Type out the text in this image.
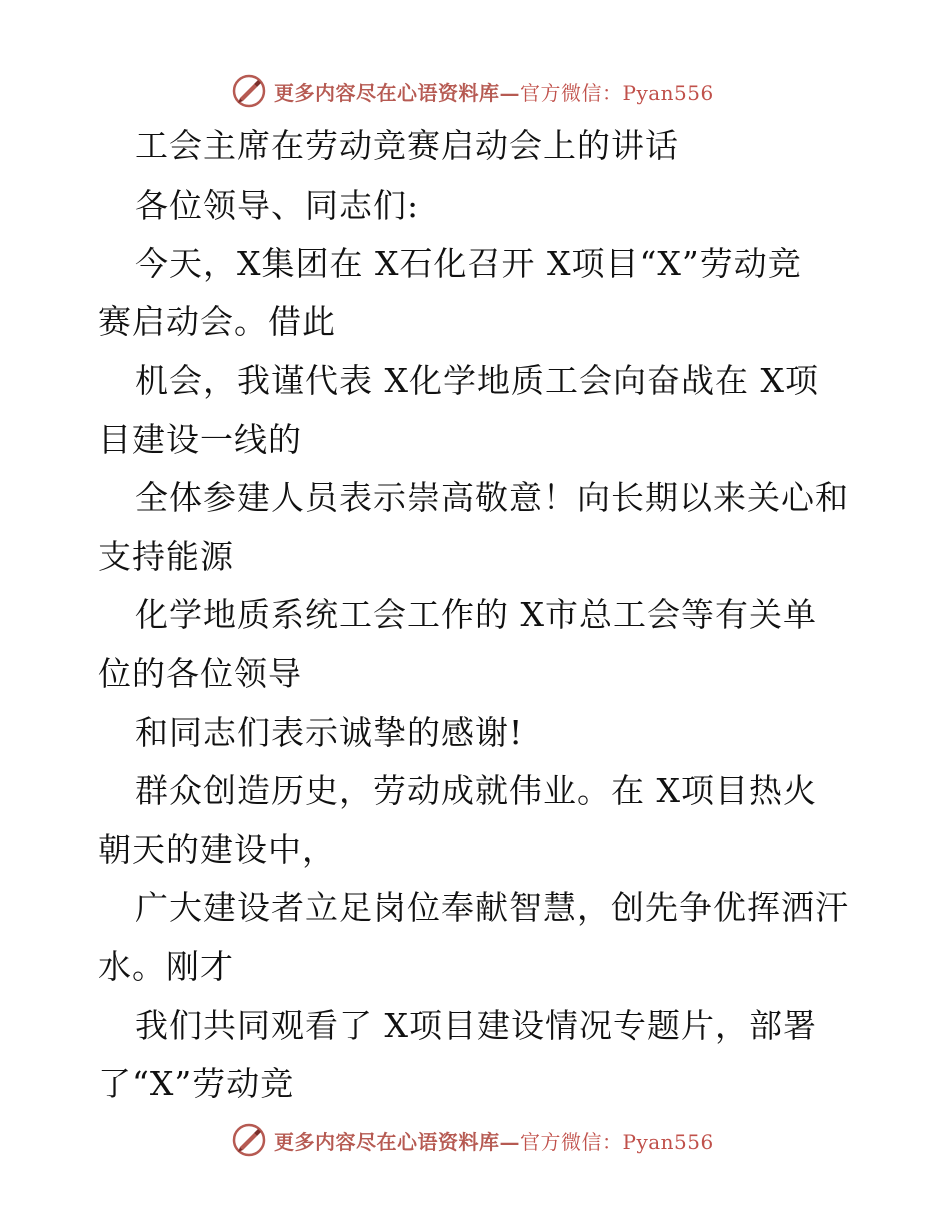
更多内容尽在心语资料库—官方微信：Pyan556
工会主席在劳动竞赛启动会上的讲话
各位领导、同志们:
今天，X集团在 X石化召开 X项目“X”劳动竞
赛启动会。借此
机会，我谨代表 X化学地质工会向奋战在 X项
目建设一线的
全体参建人员表示崇高敬意！向长期以来关心和
支持能源
化学地质系统工会工作的 X市总工会等有关单
位的各位领导
和同志们表示诚挚的感谢!
群众创造历史，劳动成就伟业。在 X项目热火
朝天的建设中，
广大建设者立足岗位奉献智慧，创先争优挥洒汗
水。刚才
我们共同观看了 X项目建设情况专题片，部署
了“X”劳动竞
更多内容尽在心语资料库—官方微信：Pyan556
